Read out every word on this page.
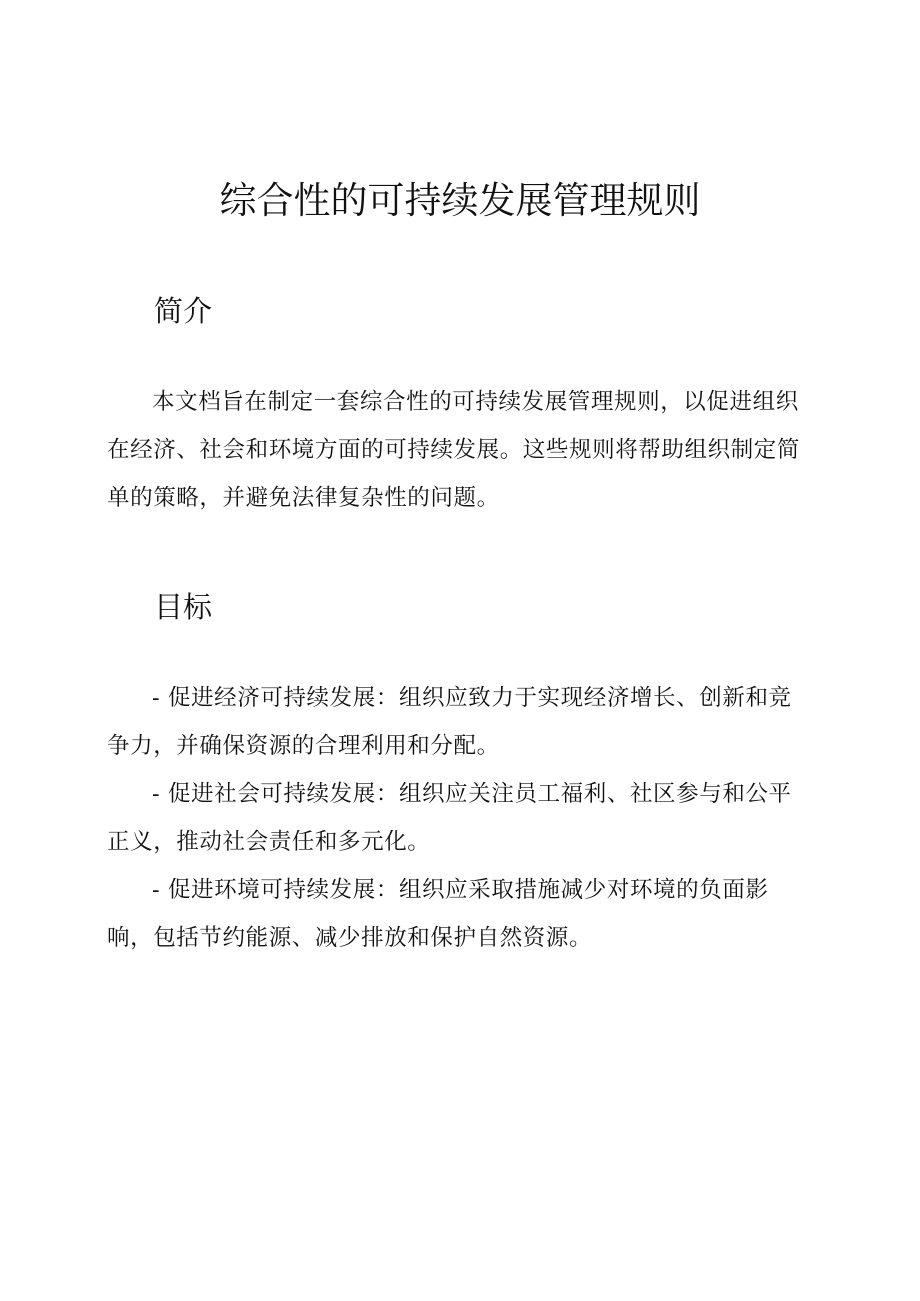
综合性的可持续发展管理规则
简介

本文档旨在制定一套综合性的可持续发展管理规则，以促进组织在经济、社会和环境方面的可持续发展。这些规则将帮助组织制定简单的策略，并避免法律复杂性的问题。

目标
- 促进经济可持续发展：组织应致力于实现经济增长、创新和竞争力，并确保资源的合理利用和分配。
- 促进社会可持续发展：组织应关注员工福利、社区参与和公平正义，推动社会责任和多元化。
- 促进环境可持续发展：组织应采取措施减少对环境的负面影响，包括节约能源、减少排放和保护自然资源。
